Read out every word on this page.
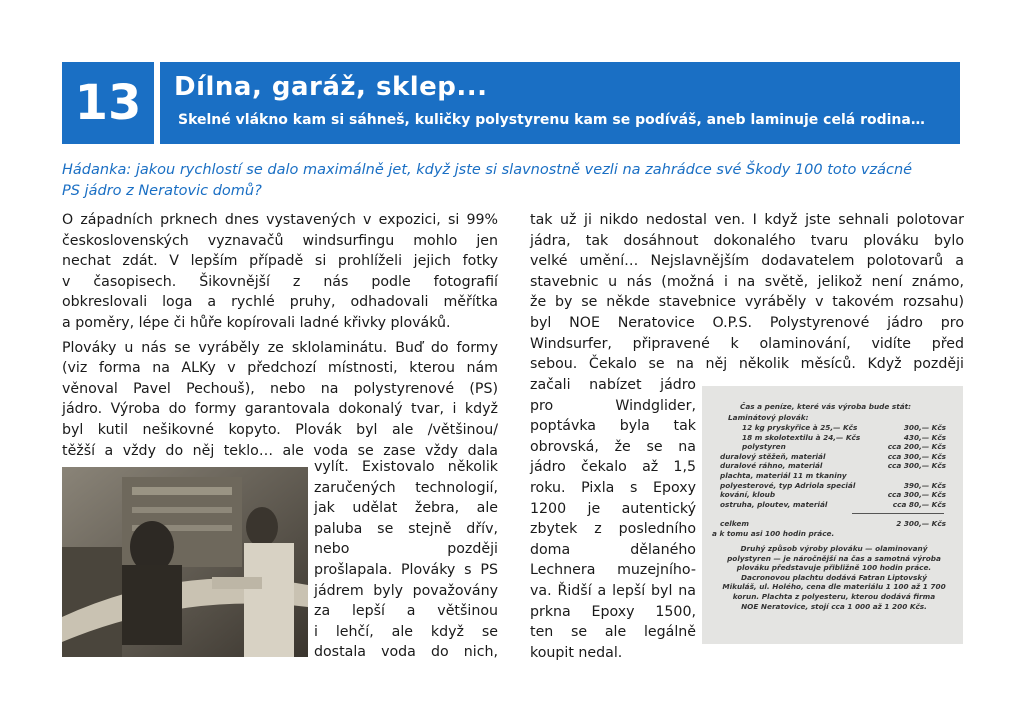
13	Dílna, garáž, sklep...
Skelné vlákno kam si sáhneš, kuličky polystyrenu kam se podíváš, aneb laminuje celá rodina…
Hádanka: jakou rychlostí se dalo maximálně jet, když jste si slavnostně vezli na zahrádce své Škody 100 toto vzácné
PS jádro z Neratovic domů?
O západních prknech dnes vystavených v expozici, si 99%
československých vyznavačů windsurfingu mohlo jen
nechat zdát. V lepším případě si prohlíželi jejich fotky
v časopisech. Šikovnější z nás podle fotografií
obkreslovali loga a rychlé pruhy, odhadovali měřítka
a poměry, lépe či hůře kopírovali ladné křivky plováků.
Plováky u nás se vyráběly ze sklolaminátu. Buď do formy
(viz forma na ALKy v předchozí místnosti, kterou nám
věnoval Pavel Pechouš), nebo na polystyrenové (PS)
jádro. Výroba do formy garantovala dokonalý tvar, i když
byl kutil nešikovné kopyto. Plovák byl ale /většinou/
těžší a vždy do něj teklo… ale voda se zase vždy dala
vylít. Existovalo několik
zaručených technologií,
jak udělat žebra, ale
paluba se stejně dřív,
nebo později
prošlapala. Plováky s PS
jádrem byly považovány
za lepší a většinou
i lehčí, ale když se
dostala voda do nich,
tak už ji nikdo nedostal ven. I když jste sehnali polotovar
jádra, tak dosáhnout dokonalého tvaru plováku bylo
velké umění… Nejslavnějším dodavatelem polotovarů a
stavebnic u nás (možná i na světě, jelikož není známo,
že by se někde stavebnice vyráběly v takovém rozsahu)
byl NOE Neratovice O.P.S. Polystyrenové jádro pro
Windsurfer, připravené k olaminování, vidíte před
sebou. Čekalo se na něj několik měsíců. Když později
začali nabízet jádro
pro Windglider,
poptávka byla tak
obrovská, že se na
jádro čekalo až 1,5
roku. Pixla s Epoxy
1200 je autentický
zbytek z posledního
doma dělaného
Lechnera muzejního-
va. Řidší a lepší byl na
prkna Epoxy 1500,
ten se ale legálně
koupit nedal.
Čas a peníze, které vás výroba bude stát:
Laminátový plovák:
12 kg pryskyřice à 25,— Kčs	300,— Kčs
18 m skolotextilu à 24,— Kčs	430,— Kčs
polystyren	cca 200,— Kčs
duralový stěžeň, materiál	cca 300,— Kčs
duralové ráhno, materiál	cca 300,— Kčs
plachta, materiál 11 m tkaniny
polyesterové, typ Adriola speciál	390,— Kčs
kování, kloub	cca 300,— Kčs
ostruha, ploutev, materiál	cca 80,— Kčs
celkem	2 300,— Kčs
a k tomu asi 100 hodin práce.
Druhý způsob výroby plováku — olaminovaný
polystyren — je náročnější na čas a samotná výroba
plováku představuje přibližně 100 hodin práce.
Dacronovou plachtu dodává Fatran Liptovský
Mikuláš, ul. Holého, cena dle materiálu 1 100 až 1 700
korun. Plachta z polyesteru, kterou dodává firma
NOE Neratovice, stojí cca 1 000 až 1 200 Kčs.
